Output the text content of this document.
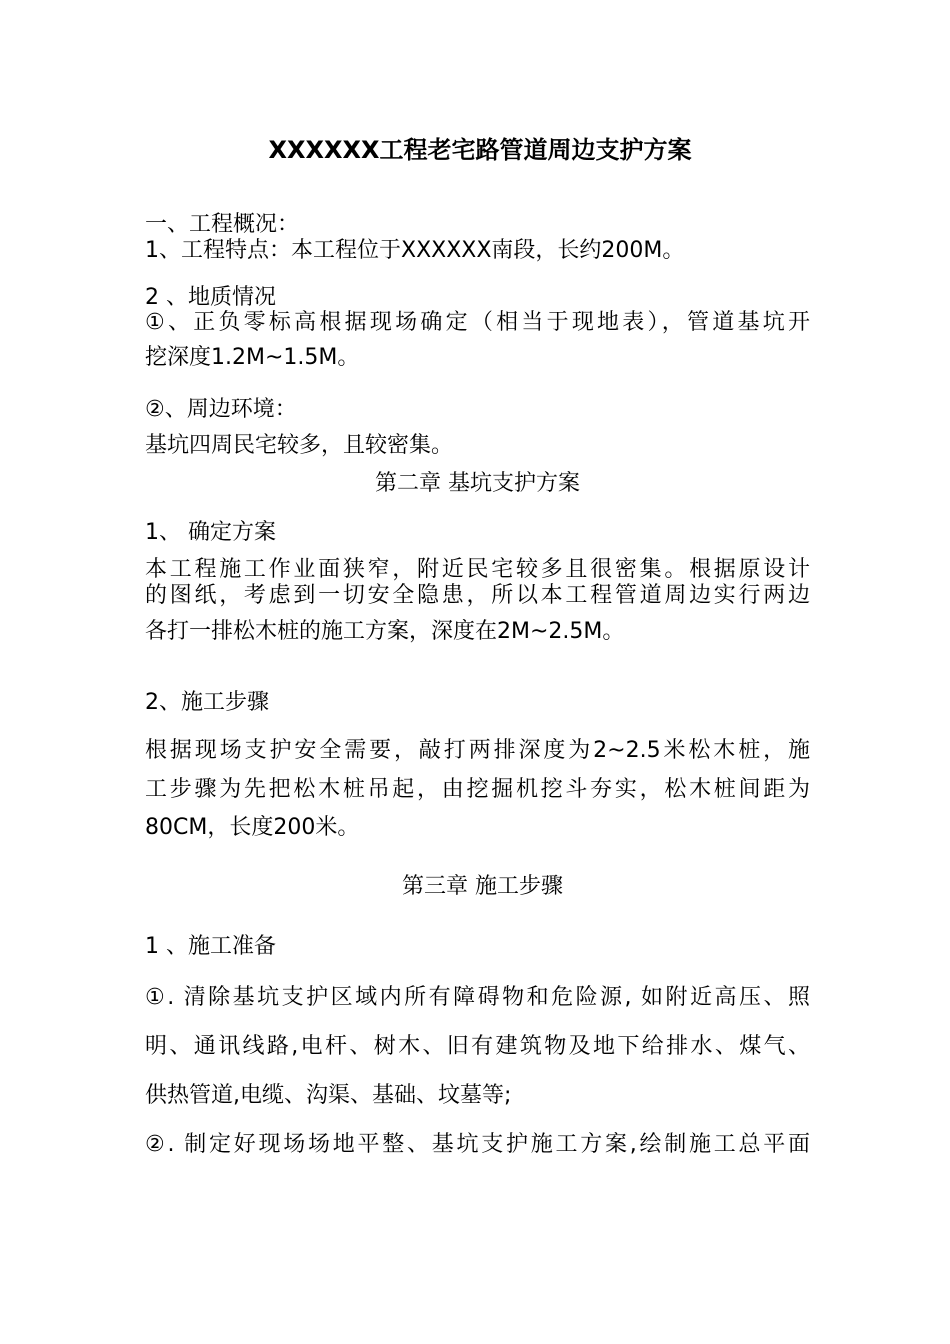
XXXXXX工程老宅路管道周边支护方案
一、工程概况：
1、工程特点：本工程位于XXXXXX南段，长约200M。
2 、地质情况
①、正负零标高根据现场确定（相当于现地表），管道基坑开
挖深度1.2M~1.5M。
②、周边环境：
基坑四周民宅较多，且较密集。
第二章 基坑支护方案
1、 确定方案
本工程施工作业面狭窄，附近民宅较多且很密集。根据原设计
的图纸，考虑到一切安全隐患，所以本工程管道周边实行两边
各打一排松木桩的施工方案，深度在2M~2.5M。
2、施工步骤
根据现场支护安全需要，敲打两排深度为2~2.5米松木桩，施
工步骤为先把松木桩吊起，由挖掘机挖斗夯实，松木桩间距为
80CM，长度200米。
第三章 施工步骤
1 、施工准备
①. 清除基坑支护区域内所有障碍物和危险源, 如附近高压、照
明、通讯线路,电杆、树木、旧有建筑物及地下给排水、煤气、
供热管道,电缆、沟渠、基础、坟墓等;
②. 制定好现场场地平整、基坑支护施工方案,绘制施工总平面
